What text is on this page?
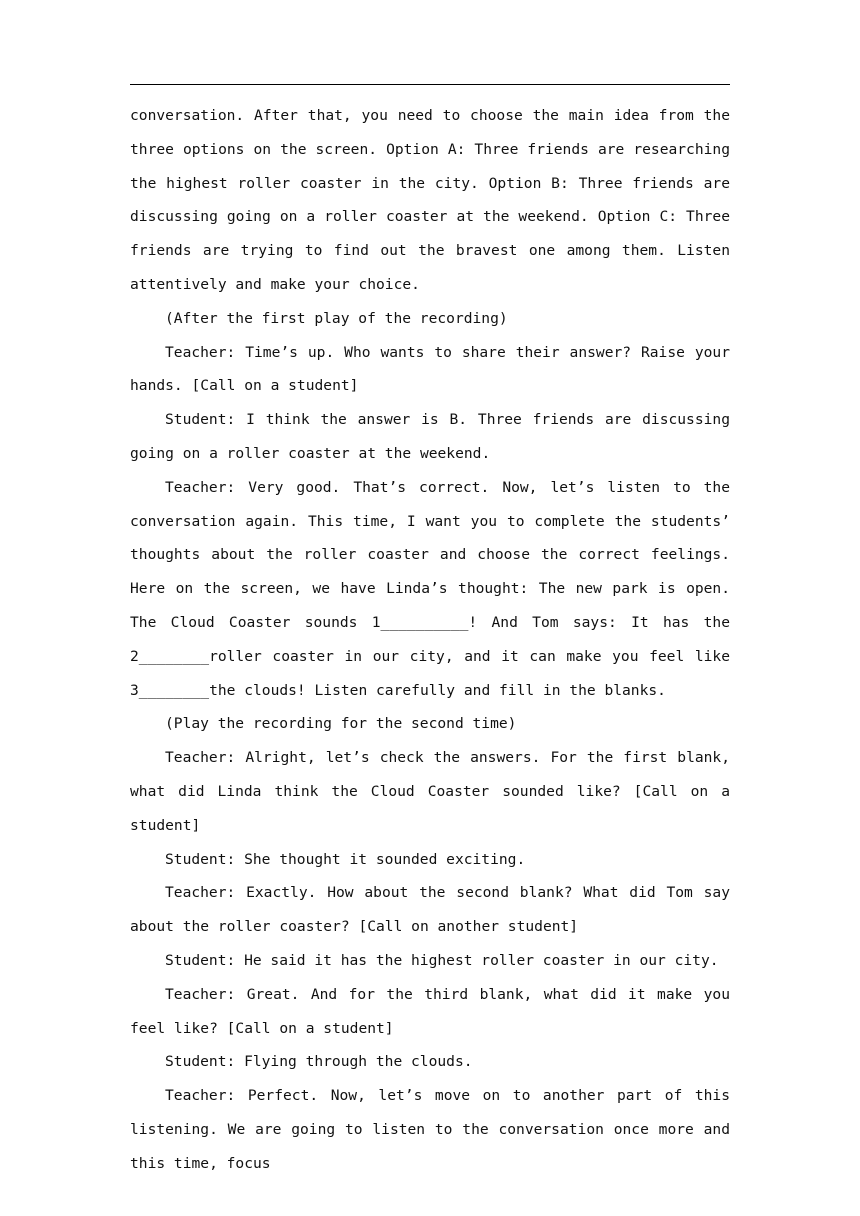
conversation. After that, you need to choose the main idea from the three options on the screen. Option A: Three friends are researching the highest roller coaster in the city. Option B: Three friends are discussing going on a roller coaster at the weekend. Option C: Three friends are trying to find out the bravest one among them. Listen attentively and make your choice.

(After the first play of the recording)

Teacher: Time’s up. Who wants to share their answer? Raise your hands. [Call on a student]

Student: I think the answer is B. Three friends are discussing going on a roller coaster at the weekend.

Teacher: Very good. That’s correct. Now, let’s listen to the conversation again. This time, I want you to complete the students’ thoughts about the roller coaster and choose the correct feelings. Here on the screen, we have Linda’s thought: The new park is open. The Cloud Coaster sounds 1__________! And Tom says: It has the 2________roller coaster in our city, and it can make you feel like 3________the clouds! Listen carefully and fill in the blanks.

(Play the recording for the second time)

Teacher: Alright, let’s check the answers. For the first blank, what did Linda think the Cloud Coaster sounded like? [Call on a student]

Student: She thought it sounded exciting.

Teacher: Exactly. How about the second blank? What did Tom say about the roller coaster? [Call on another student]

Student: He said it has the highest roller coaster in our city.

Teacher: Great. And for the third blank, what did it make you feel like? [Call on a student]

Student: Flying through the clouds.

Teacher: Perfect. Now, let’s move on to another part of this listening. We are going to listen to the conversation once more and this time, focus
